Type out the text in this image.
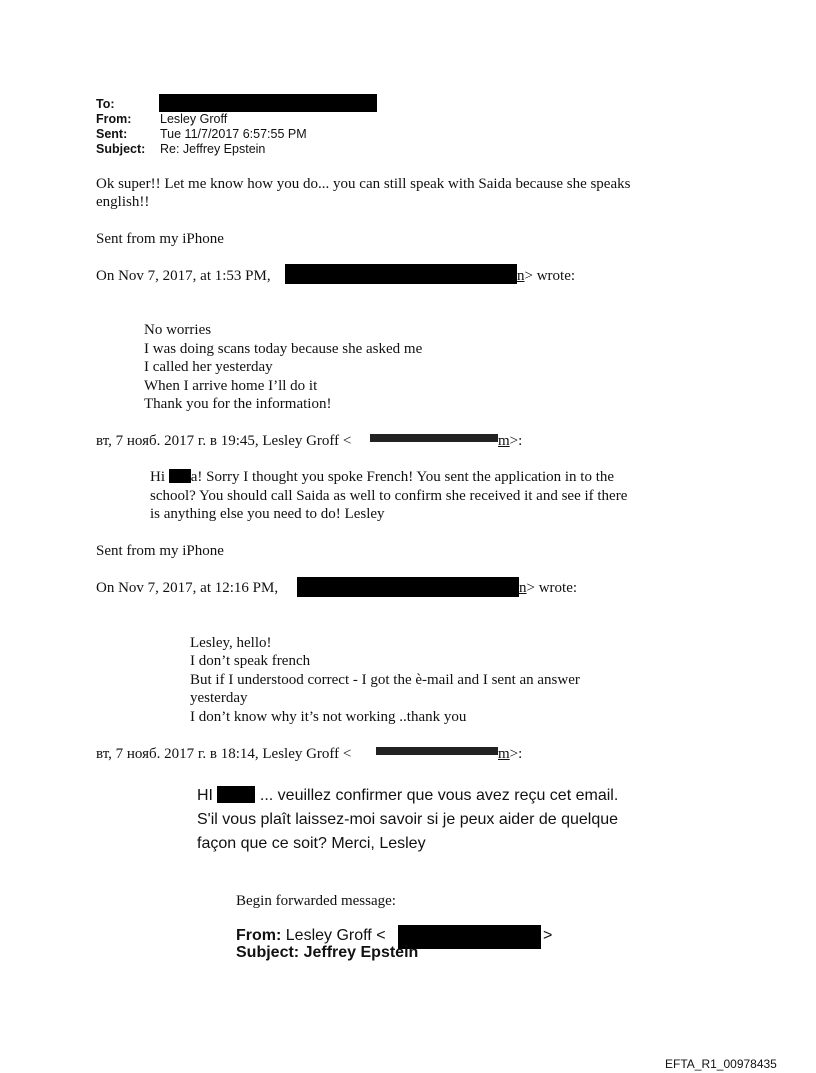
To:
From: Lesley Groff
Sent:	Tue 11/7/2017 6:57:55 PM
Subject: Re: Jeffrey Epstein
Ok super!! Let me know how you do... you can still speak with Saida because she speaks
english!!
Sent from my iPhone
On Nov 7, 2017, at 1:53 PM,	n> wrote:
No worries
I was doing scans today because she asked me
I called her yesterday
When I arrive home I’ll do it
Thank you for the information!
вт, 7 нояб. 2017 г. в 19:45, Lesley Groff <	m>:
Hi a! Sorry I thought you spoke French! You sent the application in to the
school? You should call Saida as well to confirm she received it and see if there
is anything else you need to do! Lesley
Sent from my iPhone
On Nov 7, 2017, at 12:16 PM,	n> wrote:
Lesley, hello!
I don’t speak french
But if I understood correct - I got the è-mail and I sent an answer
yesterday
I don’t know why it’s not working ..thank you
вт, 7 нояб. 2017 г. в 18:14, Lesley Groff <	m>:
HI  ... veuillez confirmer que vous avez reçu cet email.
S'il vous plaît laissez-moi savoir si je peux aider de quelque
façon que ce soit? Merci, Lesley
Begin forwarded message:
From: Lesley Groff <	>
Subject: Jeffrey Epstein
EFTA_R1_00978435
